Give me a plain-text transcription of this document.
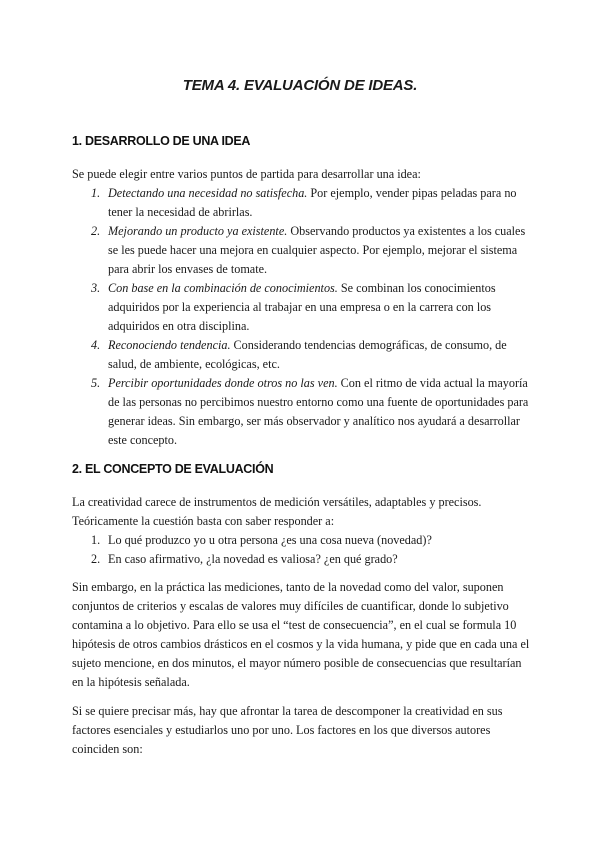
TEMA 4. EVALUACIÓN DE IDEAS.
1. DESARROLLO DE UNA IDEA

Se puede elegir entre varios puntos de partida para desarrollar una idea:

1. Detectando una necesidad no satisfecha. Por ejemplo, vender pipas peladas para no tener la necesidad de abrirlas.
2. Mejorando un producto ya existente. Observando productos ya existentes a los cuales se les puede hacer una mejora en cualquier aspecto. Por ejemplo, mejorar el sistema para abrir los envases de tomate.
3. Con base en la combinación de conocimientos. Se combinan los conocimientos adquiridos por la experiencia al trabajar en una empresa o en la carrera con los adquiridos en otra disciplina.
4. Reconociendo tendencia. Considerando tendencias demográficas, de consumo, de salud, de ambiente, ecológicas, etc.
5. Percibir oportunidades donde otros no las ven. Con el ritmo de vida actual la mayoría de las personas no percibimos nuestro entorno como una fuente de oportunidades para generar ideas. Sin embargo, ser más observador y analítico nos ayudará a desarrollar este concepto.
2. EL CONCEPTO DE EVALUACIÓN

La creatividad carece de instrumentos de medición versátiles, adaptables y precisos. Teóricamente la cuestión basta con saber responder a:

1. Lo qué produzco yo u otra persona ¿es una cosa nueva (novedad)?
2. En caso afirmativo, ¿la novedad es valiosa? ¿en qué grado?

Sin embargo, en la práctica las mediciones, tanto de la novedad como del valor, suponen conjuntos de criterios y escalas de valores muy difíciles de cuantificar, donde lo subjetivo contamina a lo objetivo. Para ello se usa el “test de consecuencia”, en el cual se formula 10 hipótesis de otros cambios drásticos en el cosmos y la vida humana, y pide que en cada una el sujeto mencione, en dos minutos, el mayor número posible de consecuencias que resultarían en la hipótesis señalada.

Si se quiere precisar más, hay que afrontar la tarea de descomponer la creatividad en sus factores esenciales y estudiarlos uno por uno. Los factores en los que diversos autores coinciden son:
